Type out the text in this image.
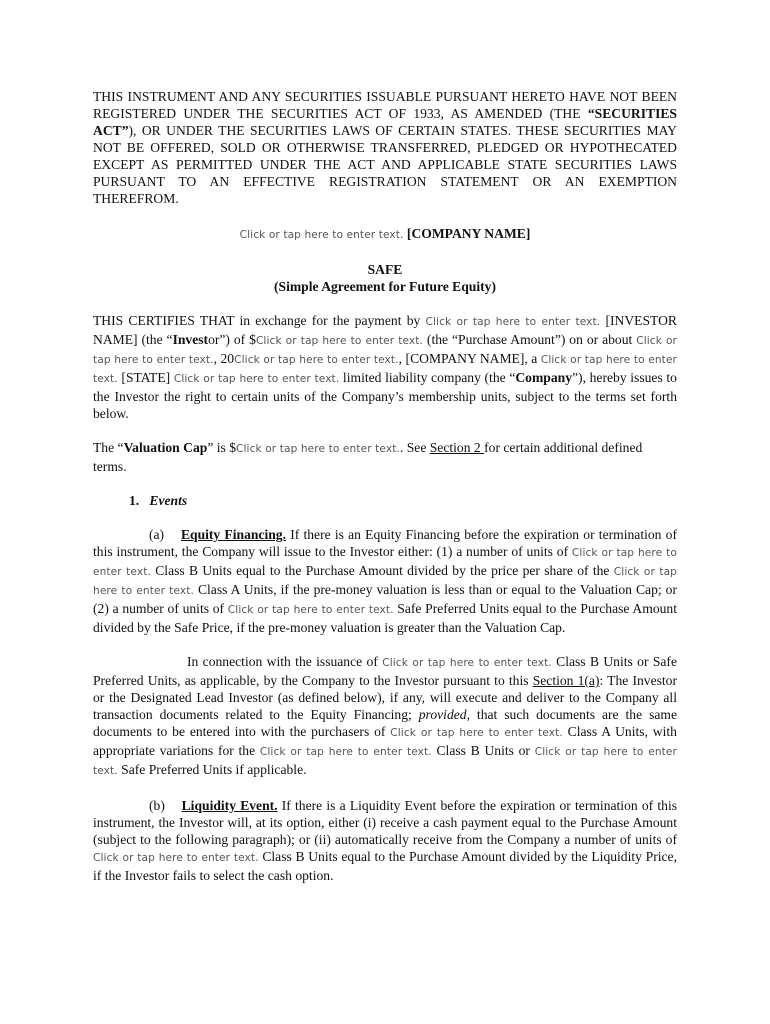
THIS INSTRUMENT AND ANY SECURITIES ISSUABLE PURSUANT HERETO HAVE NOT BEEN REGISTERED UNDER THE SECURITIES ACT OF 1933, AS AMENDED (THE “SECURITIES ACT”), OR UNDER THE SECURITIES LAWS OF CERTAIN STATES. THESE SECURITIES MAY NOT BE OFFERED, SOLD OR OTHERWISE TRANSFERRED, PLEDGED OR HYPOTHECATED EXCEPT AS PERMITTED UNDER THE ACT AND APPLICABLE STATE SECURITIES LAWS PURSUANT TO AN EFFECTIVE REGISTRATION STATEMENT OR AN EXEMPTION THEREFROM.

Click or tap here to enter text. [COMPANY NAME]

SAFE

(Simple Agreement for Future Equity)

THIS CERTIFIES THAT in exchange for the payment by Click or tap here to enter text. [INVESTOR NAME] (the “Investor”) of $Click or tap here to enter text. (the “Purchase Amount”) on or about Click or tap here to enter text., 20Click or tap here to enter text., [COMPANY NAME], a Click or tap here to enter text. [STATE] Click or tap here to enter text. limited liability company (the “Company”), hereby issues to the Investor the right to certain units of the Company’s membership units, subject to the terms set forth below.

The “Valuation Cap” is $Click or tap here to enter text.. See Section 2 for certain additional defined terms.

1. Events

(a) Equity Financing. If there is an Equity Financing before the expiration or termination of this instrument, the Company will issue to the Investor either: (1) a number of units of Click or tap here to enter text. Class B Units equal to the Purchase Amount divided by the price per share of the Click or tap here to enter text. Class A Units, if the pre-money valuation is less than or equal to the Valuation Cap; or (2) a number of units of Click or tap here to enter text. Safe Preferred Units equal to the Purchase Amount divided by the Safe Price, if the pre-money valuation is greater than the Valuation Cap.

In connection with the issuance of Click or tap here to enter text. Class B Units or Safe Preferred Units, as applicable, by the Company to the Investor pursuant to this Section 1(a): The Investor or the Designated Lead Investor (as defined below), if any, will execute and deliver to the Company all transaction documents related to the Equity Financing; provided, that such documents are the same documents to be entered into with the purchasers of Click or tap here to enter text. Class A Units, with appropriate variations for the Click or tap here to enter text. Class B Units or Click or tap here to enter text. Safe Preferred Units if applicable.

(b) Liquidity Event. If there is a Liquidity Event before the expiration or termination of this instrument, the Investor will, at its option, either (i) receive a cash payment equal to the Purchase Amount (subject to the following paragraph); or (ii) automatically receive from the Company a number of units of Click or tap here to enter text. Class B Units equal to the Purchase Amount divided by the Liquidity Price, if the Investor fails to select the cash option.
